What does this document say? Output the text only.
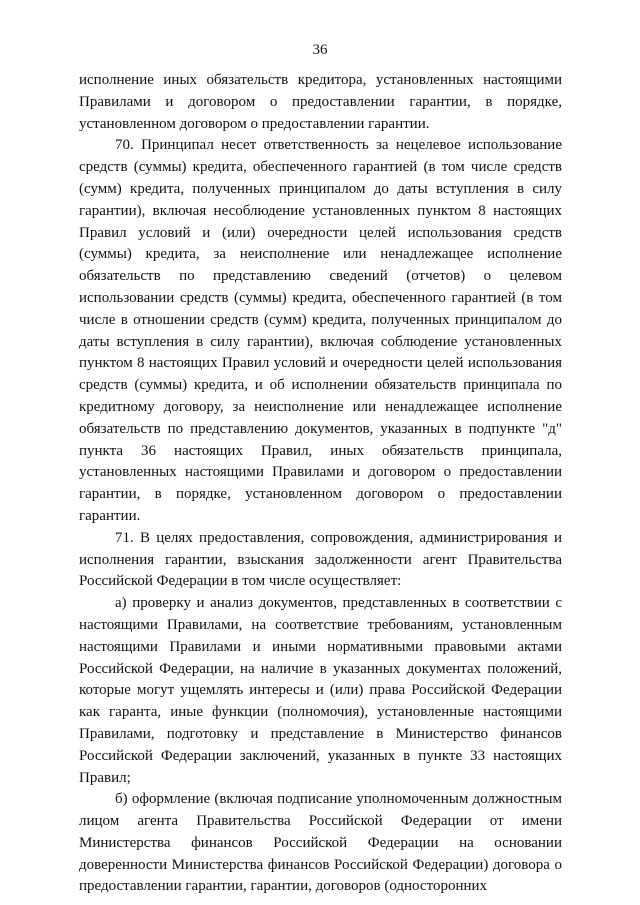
36

исполнение иных обязательств кредитора, установленных настоящими Правилами и договором о предоставлении гарантии, в порядке, установленном договором о предоставлении гарантии.

70. Принципал несет ответственность за нецелевое использование средств (суммы) кредита, обеспеченного гарантией (в том числе средств (сумм) кредита, полученных принципалом до даты вступления в силу гарантии), включая несоблюдение установленных пунктом 8 настоящих Правил условий и (или) очередности целей использования средств (суммы) кредита, за неисполнение или ненадлежащее исполнение обязательств по представлению сведений (отчетов) о целевом использовании средств (суммы) кредита, обеспеченного гарантией (в том числе в отношении средств (сумм) кредита, полученных принципалом до даты вступления в силу гарантии), включая соблюдение установленных пунктом 8 настоящих Правил условий и очередности целей использования средств (суммы) кредита, и об исполнении обязательств принципала по кредитному договору, за неисполнение или ненадлежащее исполнение обязательств по представлению документов, указанных в подпункте "д" пункта 36 настоящих Правил, иных обязательств принципала, установленных настоящими Правилами и договором о предоставлении гарантии, в порядке, установленном договором о предоставлении гарантии.

71. В целях предоставления, сопровождения, администрирования и исполнения гарантии, взыскания задолженности агент Правительства Российской Федерации в том числе осуществляет:

а) проверку и анализ документов, представленных в соответствии с настоящими Правилами, на соответствие требованиям, установленным настоящими Правилами и иными нормативными правовыми актами Российской Федерации, на наличие в указанных документах положений, которые могут ущемлять интересы и (или) права Российской Федерации как гаранта, иные функции (полномочия), установленные настоящими Правилами, подготовку и представление в Министерство финансов Российской Федерации заключений, указанных в пункте 33 настоящих Правил;

б) оформление (включая подписание уполномоченным должностным лицом агента Правительства Российской Федерации от имени Министерства финансов Российской Федерации на основании доверенности Министерства финансов Российской Федерации) договора о предоставлении гарантии, гарантии, договоров (односторонних
